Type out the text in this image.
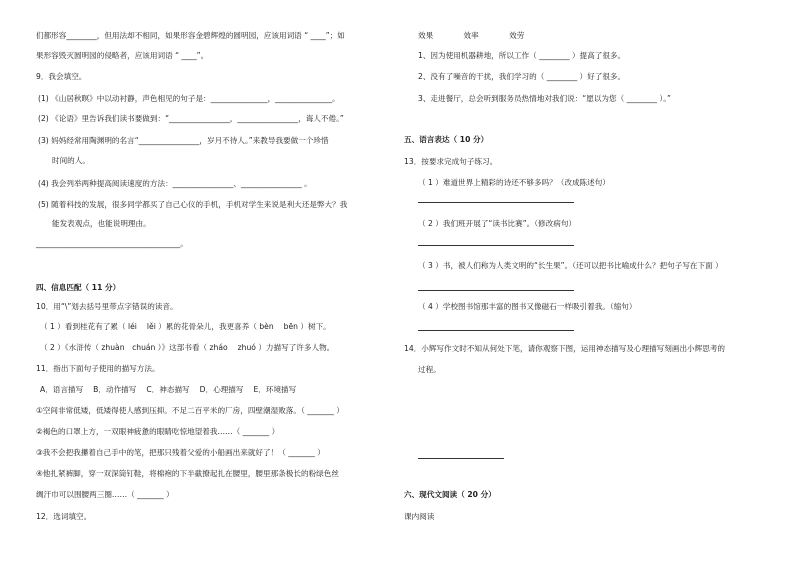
们都形容________，但用法却不相同，如果形容金碧辉煌的圆明园，应该用词语 “ ____”；如
果形容毁灭圆明园的侵略者，应该用词语 “ ____”。
9．我会填空。
(1) 《山居秋暝》中以动衬静，声色相见的句子是：_______________，_______________。
(2) 《论语》里告诉我们读书要做到：“________________，________________，诲人不倦。”
(3) 妈妈经常用陶渊明的名言“________________，岁月不待人。”来教导我要做一个珍惜
时间的人。
(4) 我会列举两种提高阅读速度的方法：________________、________________ 。
(5) 随着科技的发展，很多同学都买了自己心仪的手机，手机对学生来说是利大还是弊大？我
能发表观点，也能说明理由。
______________________________________。
四、信息匹配（ 11 分）
10．用“\”划去括号里带点字错误的读音。
（ 1 ）看到桂花有了累（ léi　 lěi ）累的花骨朵儿，我更喜养（ bèn　 bēn ）树下。
（ 2 ）《水浒传（ zhuàn　chuán ）》这部书看（ zháo　 zhuó ）力描写了许多人物。
11．指出下面句子使用的描写方法。
A．语言描写　 B．动作描写　 C．神态描写　 D．心理描写　 E．环境描写
①空间非常低矮，低矮得使人感到压抑。不足二百平米的厂房，四壁潮湿败落。（ _______ ）
②褐色的口罩上方，一双眼神疲惫的眼睛吃惊地望着我……（ _______ ）
③我不会把我攥着自己手中的笔，把那只残着父爱的小船画出来就好了！（ _______ ）
④他扎紧裤脚，穿一双深筒钉鞋，将棉袍的下半截撩起扎在腰里，腰里那条极长的粉绿色丝
绸汗巾可以围腰两三圈……（ _______ ）
12．选词填空。
效果　　　　效率　　　　效劳
1、因为使用机器耕地，所以工作（ ________ ）提高了很多。
2、没有了噪音的干扰，我们学习的（ ________ ）好了很多。
3、走进餐厅，总会听到服务员热情地对我们说：“愿以为您（ ________ ）。”
五、语言表达（ 10 分）
13．按要求完成句子练习。
（ 1 ）难道世界上精彩的诗还不够多吗？（改成陈述句）
（ 2 ）我们班开展了“读书比赛”。（修改病句）
（ 3 ）书，被人们称为人类文明的“长生果”。（还可以把书比喻成什么？把句子写在下面 ）
（ 4 ）学校图书馆那丰富的图书又像磁石一样吸引着我。（缩句）
14．小辉写作文时不知从何处下笔，请你观察下图，运用神态描写及心理描写刻画出小辉思考的
过程。
六、现代文阅读（ 20 分）
课内阅读
